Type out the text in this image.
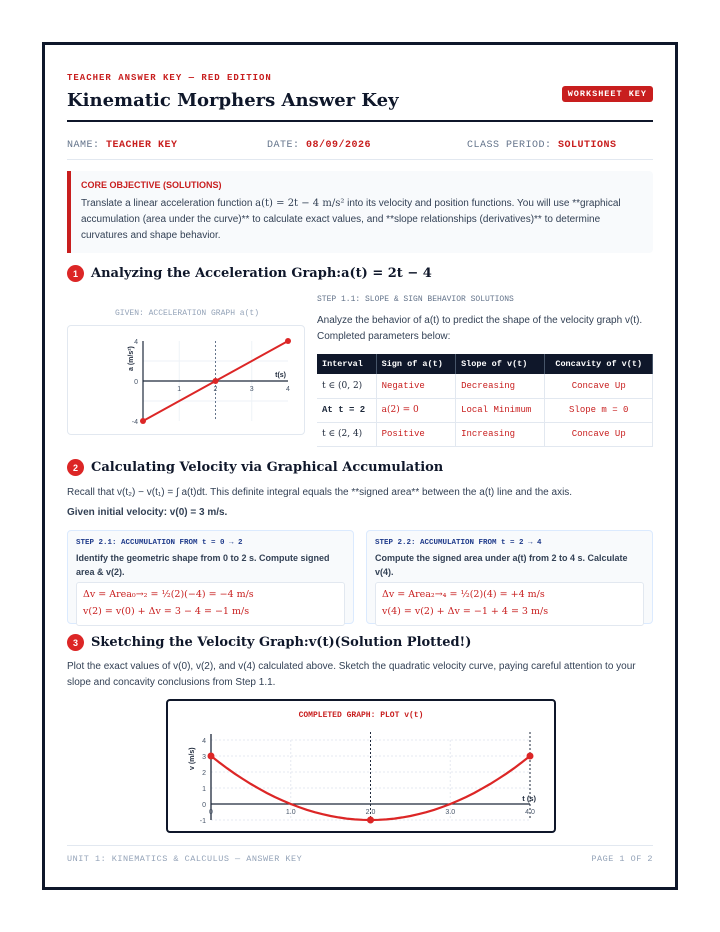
TEACHER ANSWER KEY — RED EDITION
Kinematic Morphers Answer Key	WORKSHEET KEY
NAME: TEACHER KEY	DATE: 08/09/2026	CLASS PERIOD: SOLUTIONS
CORE OBJECTIVE (SOLUTIONS)
Translate a linear acceleration function a(t) = 2t − 4 m/s² into its velocity and position functions. You will use **graphical accumulation (area under the curve)** to calculate exact values, and **slope relationships (derivatives)** to determine curvatures and shape behavior.
1	Analyzing the Acceleration Graph: a(t) = 2t − 4
GIVEN: ACCELERATION GRAPH a(t)
1	2	3	4
4
0
-4
t(s)
a (m/s²)
STEP 1.1: SLOPE & SIGN BEHAVIOR SOLUTIONS
Analyze the behavior of a(t) to predict the shape of the velocity graph v(t). Completed parameters below:
Interval	Sign of a(t)	Slope of v(t)	Concavity of v(t)
t ∈ (0, 2)	Negative	Decreasing	Concave Up
At t = 2	a(2) = 0	Local Minimum	Slope m = 0
t ∈ (2, 4)	Positive	Increasing	Concave Up
2	Calculating Velocity via Graphical Accumulation
Recall that v(t₂) − v(t₁) = ∫ a(t)dt. This definite integral equals the **signed area** between the a(t) line and the axis.
Given initial velocity: v(0) = 3 m/s.
STEP 2.1: ACCUMULATION FROM t = 0 → 2
Identify the geometric shape from 0 to 2 s. Compute signed area & v(2).
Δv = Area₀→₂ = ½(2)(−4) = −4 m/s
v(2) = v(0) + Δv = 3 − 4 = −1 m/s
STEP 2.2: ACCUMULATION FROM t = 2 → 4
Compute the signed area under a(t) from 2 to 4 s. Calculate v(4).
Δv = Area₂→₄ = ½(2)(4) = +4 m/s
v(4) = v(2) + Δv = −1 + 4 = 3 m/s
3	Sketching the Velocity Graph: v(t) (Solution Plotted!)
Plot the exact values of v(0), v(2), and v(4) calculated above. Sketch the quadratic velocity curve, paying careful attention to your slope and concavity conclusions from Step 1.1.
COMPLETED GRAPH: PLOT v(t)
0	1.0	2.0	3.0	4.0
4
3
2
1
0
-1
t (s)
v (m/s)
UNIT 1: KINEMATICS & CALCULUS — ANSWER KEY	PAGE 1 OF 2
